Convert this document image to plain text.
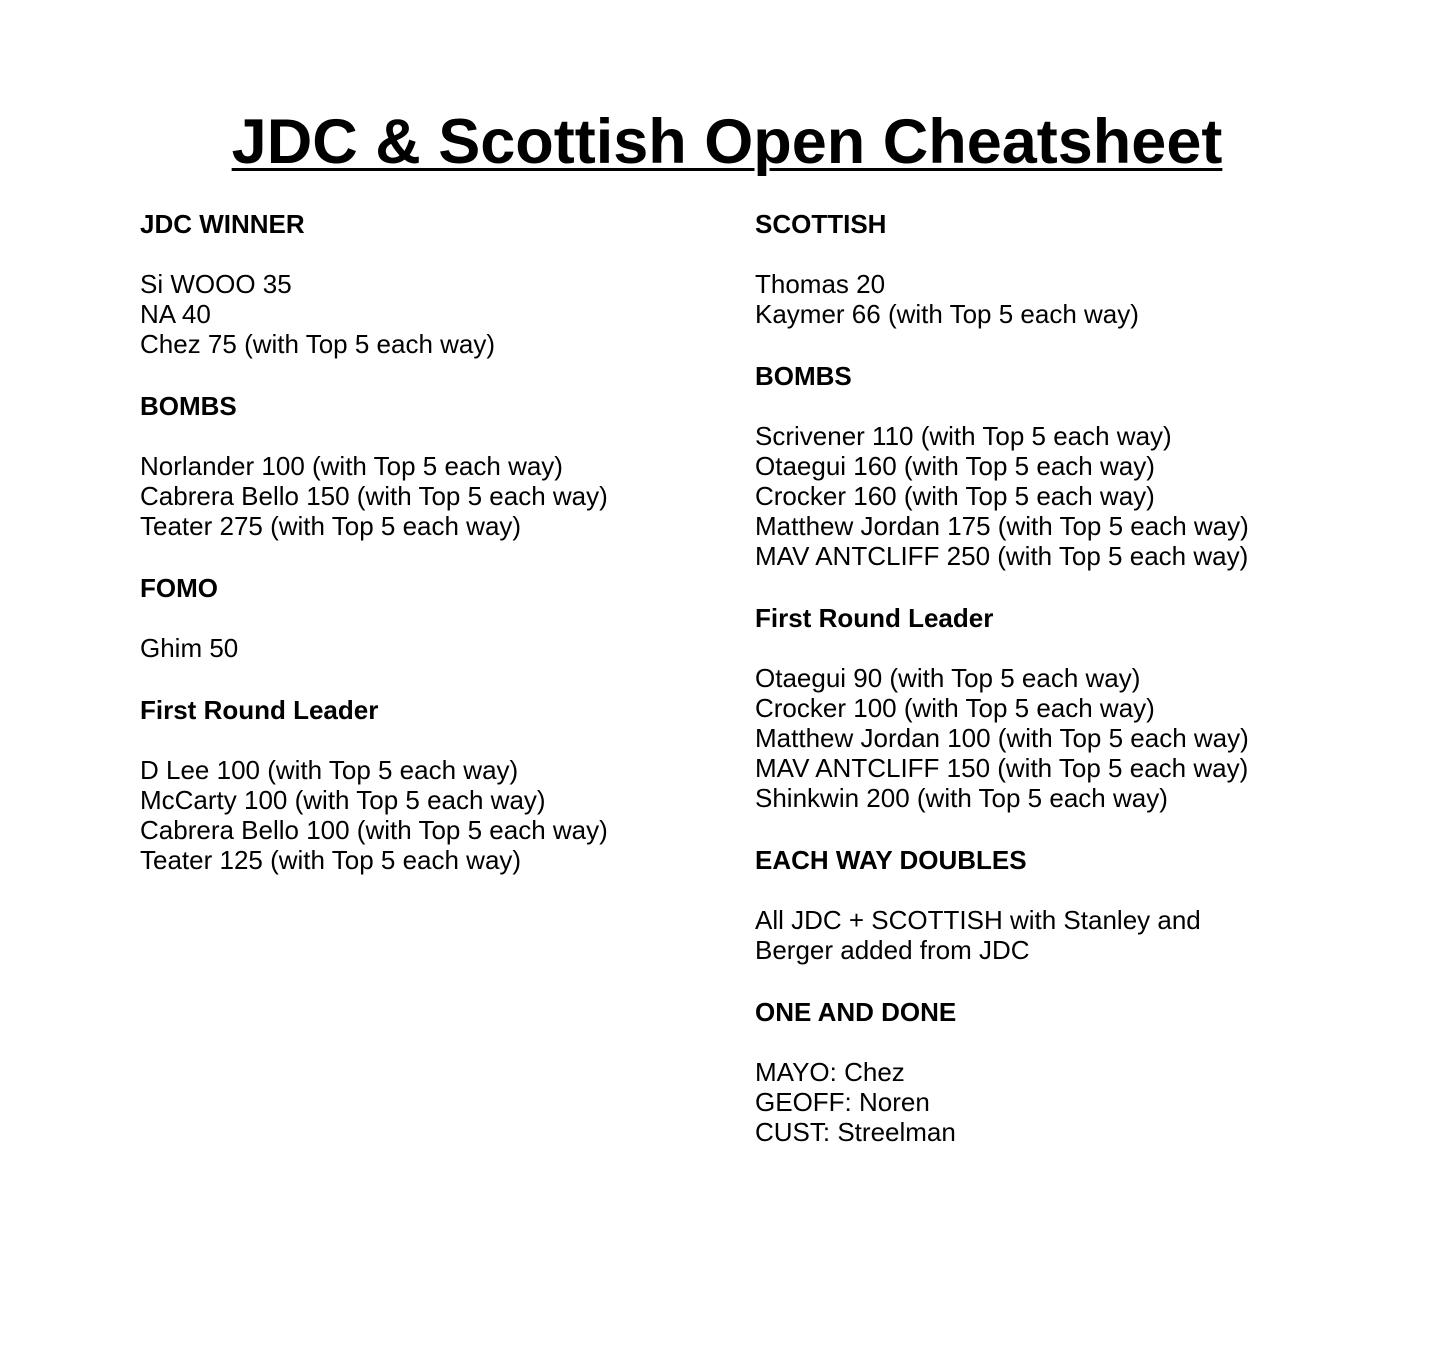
JDC & Scottish Open Cheatsheet
JDC WINNER
Si WOOO 35
NA 40
Chez 75 (with Top 5 each way)
BOMBS
Norlander 100 (with Top 5 each way)
Cabrera Bello 150 (with Top 5 each way)
Teater 275 (with Top 5 each way)
FOMO
Ghim 50
First Round Leader
D Lee 100 (with Top 5 each way)
McCarty 100 (with Top 5 each way)
Cabrera Bello 100 (with Top 5 each way)
Teater 125 (with Top 5 each way)
SCOTTISH
Thomas 20
Kaymer 66 (with Top 5 each way)
BOMBS
Scrivener 110 (with Top 5 each way)
Otaegui 160 (with Top 5 each way)
Crocker 160 (with Top 5 each way)
Matthew Jordan 175 (with Top 5 each way)
MAV ANTCLIFF 250 (with Top 5 each way)
First Round Leader
Otaegui 90 (with Top 5 each way)
Crocker 100 (with Top 5 each way)
Matthew Jordan 100 (with Top 5 each way)
MAV ANTCLIFF 150 (with Top 5 each way)
Shinkwin 200 (with Top 5 each way)
EACH WAY DOUBLES
All JDC + SCOTTISH with Stanley and Berger added from JDC
ONE AND DONE
MAYO: Chez
GEOFF: Noren
CUST: Streelman
